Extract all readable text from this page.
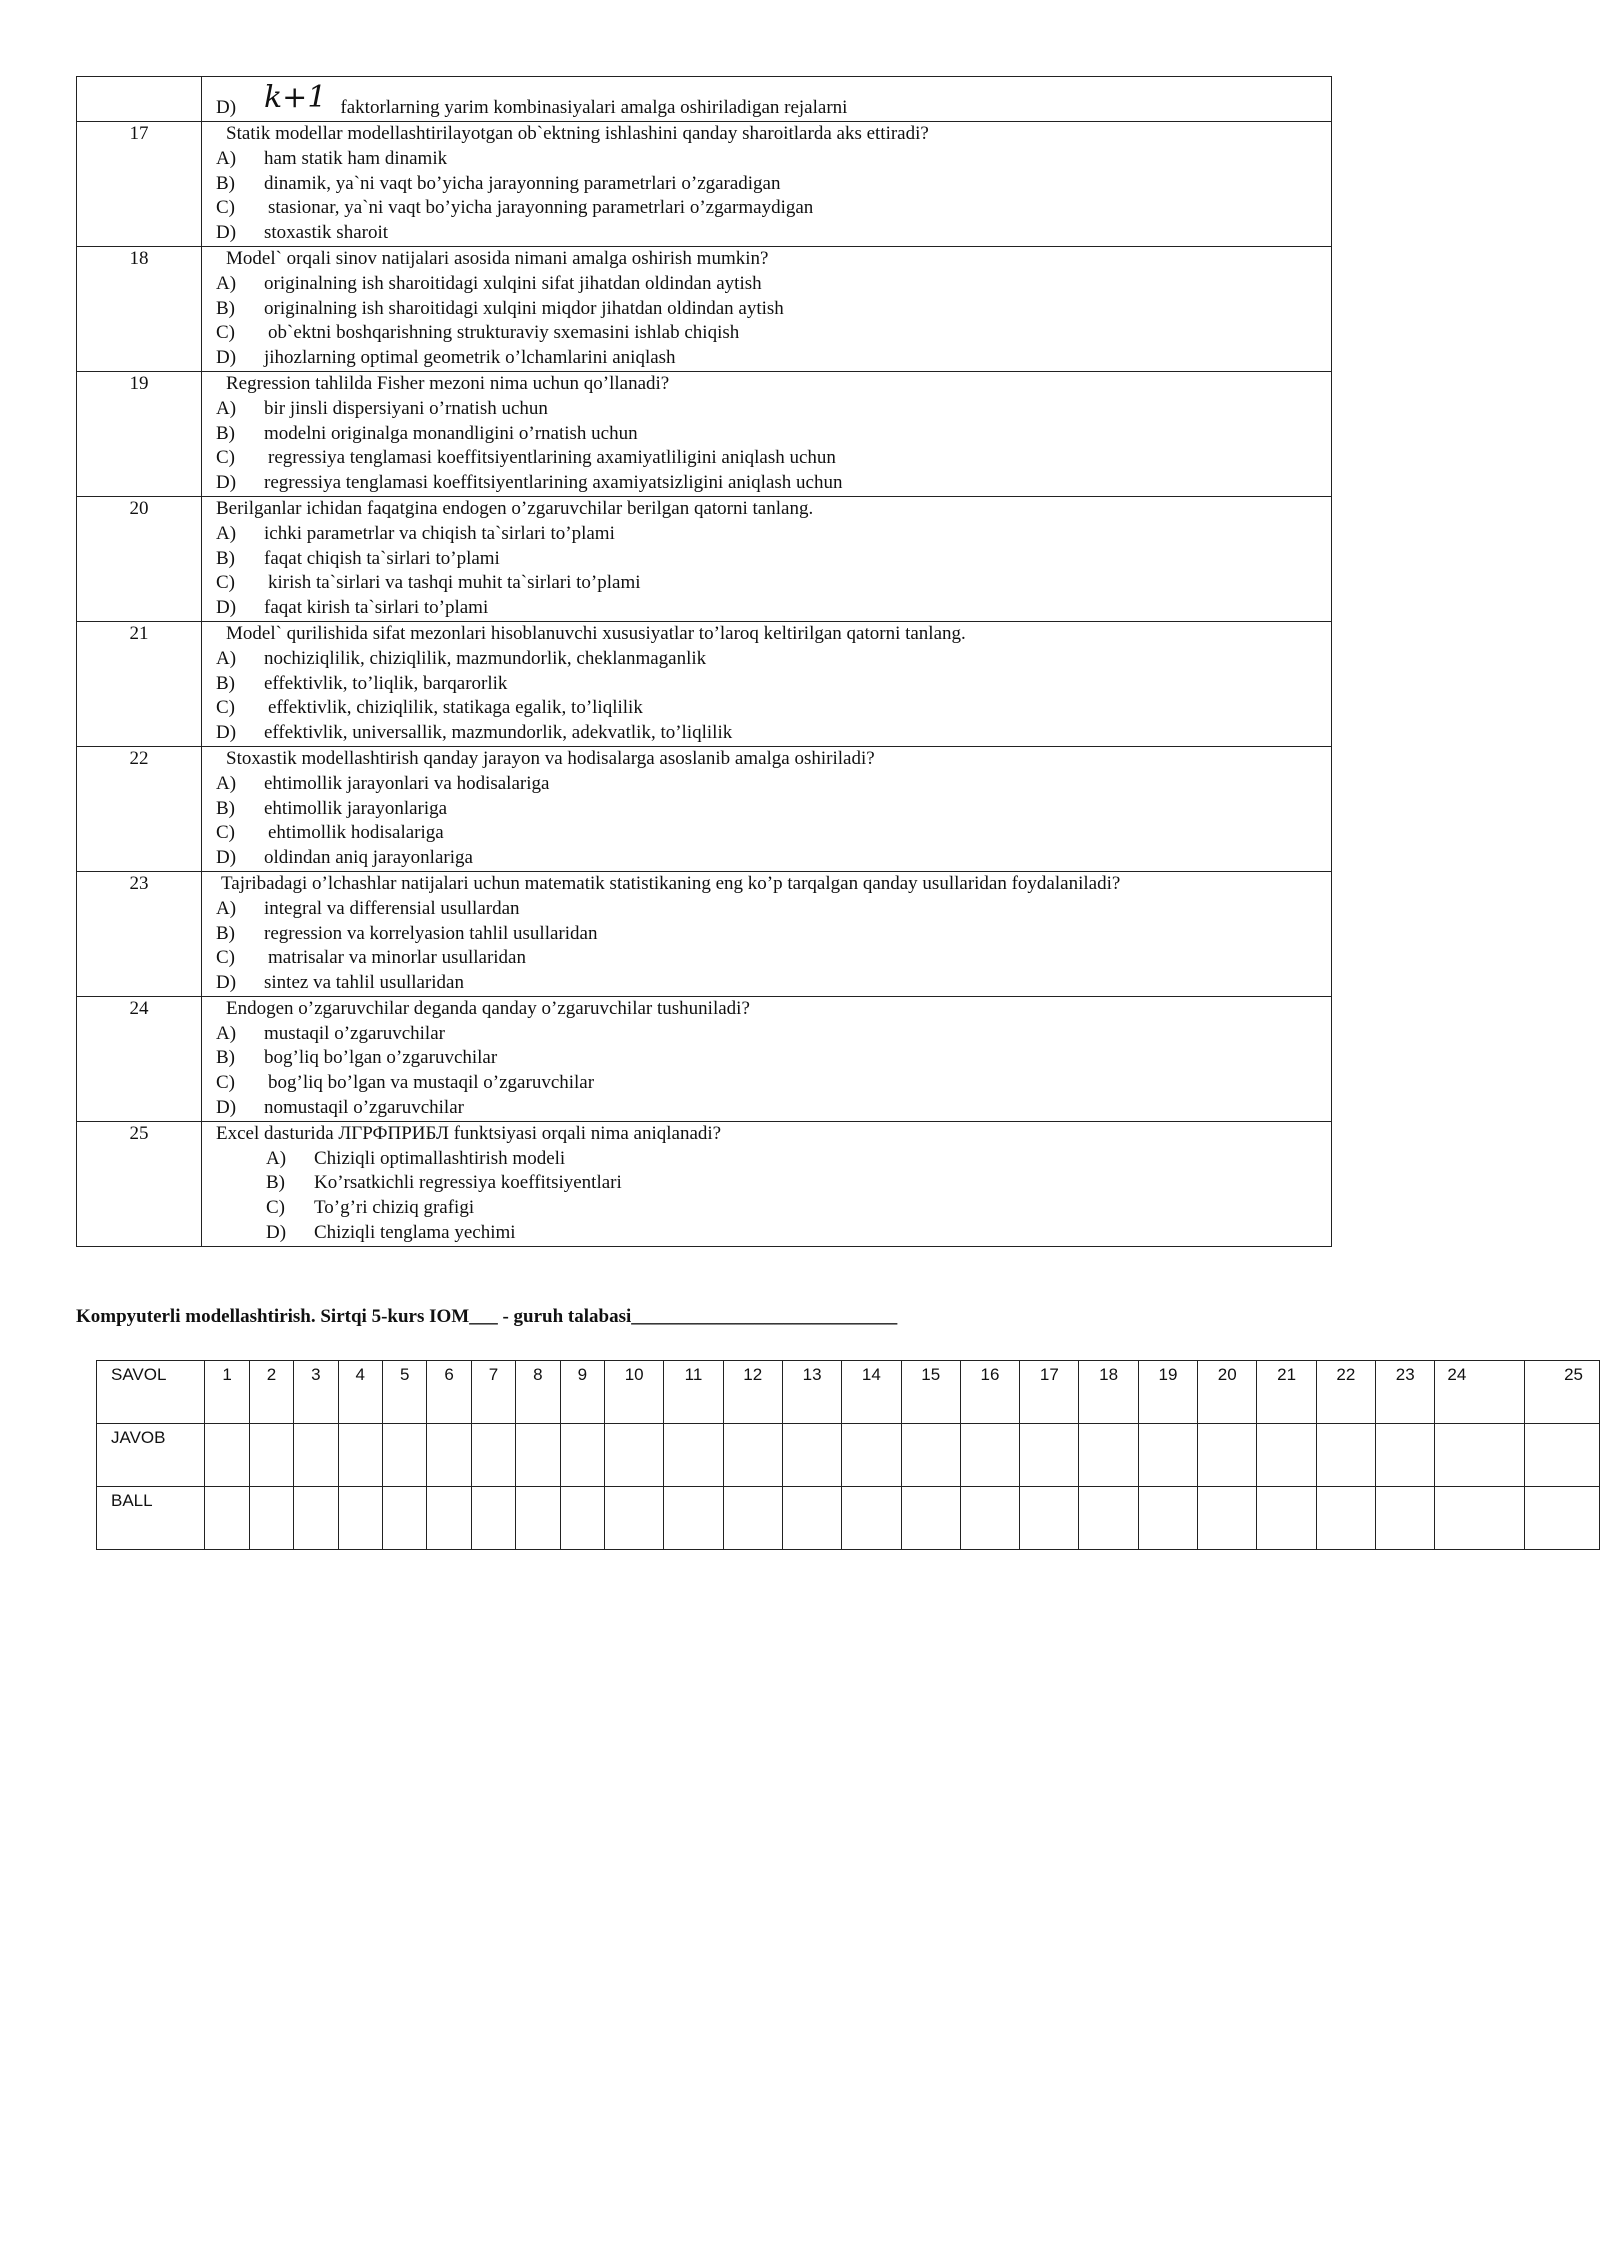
	D) k+1 faktorlarning yarim kombinasiyalari amalga oshiriladigan rejalarni

17	Statik modellar modellashtirilayotgan ob`ektning ishlashini qanday sharoitlarda aks ettiradi?
A) ham statik ham dinamik
B) dinamik, ya`ni vaqt bo’yicha jarayonning parametrlari o’zgaradigan
C) stasionar, ya`ni vaqt bo’yicha jarayonning parametrlari o’zgarmaydigan
D) stoxastik sharoit

18	Model` orqali sinov natijalari asosida nimani amalga oshirish mumkin?
A) originalning ish sharoitidagi xulqini sifat jihatdan oldindan aytish
B) originalning ish sharoitidagi xulqini miqdor jihatdan oldindan aytish
C) ob`ektni boshqarishning strukturaviy sxemasini ishlab chiqish
D) jihozlarning optimal geometrik o’lchamlarini aniqlash

19	Regression tahlilda Fisher mezoni nima uchun qo’llanadi?
A) bir jinsli dispersiyani o’rnatish uchun
B) modelni originalga monandligini o’rnatish uchun
C) regressiya tenglamasi koeffitsiyentlarining axamiyatliligini aniqlash uchun
D) regressiya tenglamasi koeffitsiyentlarining axamiyatsizligini aniqlash uchun

20	Berilganlar ichidan faqatgina endogen o’zgaruvchilar berilgan qatorni tanlang.
A) ichki parametrlar va chiqish ta`sirlari to’plami
B) faqat chiqish ta`sirlari to’plami
C) kirish ta`sirlari va tashqi muhit ta`sirlari to’plami
D) faqat kirish ta`sirlari to’plami

21	Model` qurilishida sifat mezonlari hisoblanuvchi xususiyatlar to’laroq keltirilgan qatorni tanlang.
A) nochiziqlilik, chiziqlilik, mazmundorlik, cheklanmaganlik
B) effektivlik, to’liqlik, barqarorlik
C) effektivlik, chiziqlilik, statikaga egalik, to’liqlilik
D) effektivlik, universallik, mazmundorlik, adekvatlik, to’liqlilik

22	Stoxastik modellashtirish qanday jarayon va hodisalarga asoslanib amalga oshiriladi?
A) ehtimollik jarayonlari va hodisalariga
B) ehtimollik jarayonlariga
C) ehtimollik hodisalariga
D) oldindan aniq jarayonlariga

23	Tajribadagi o’lchashlar natijalari uchun matematik statistikaning eng ko’p tarqalgan qanday usullaridan foydalaniladi?
A) integral va differensial usullardan
B) regression va korrelyasion tahlil usullaridan
C) matrisalar va minorlar usullaridan
D) sintez va tahlil usullaridan

24	Endogen o’zgaruvchilar deganda qanday o’zgaruvchilar tushuniladi?
A) mustaqil o’zgaruvchilar
B) bog’liq bo’lgan o’zgaruvchilar
C) bog’liq bo’lgan va mustaqil o’zgaruvchilar
D) nomustaqil o’zgaruvchilar

25	Excel dasturida ЛГРФПРИБЛ funktsiyasi orqali nima aniqlanadi?
A) Chiziqli optimallashtirish modeli
B) Ko’rsatkichli regressiya koeffitsiyentlari
C) To’g’ri chiziq grafigi
D) Chiziqli tenglama yechimi
Kompyuterli modellashtirish. Sirtqi 5-kurs IOM___ - guruh talabasi____________________________
SAVOL	1	2	3	4	5	6	7	8	9	10	11	12	13	14	15	16	17	18	19	20	21	22	23	24	25
JAVOB																									
BALL																									
